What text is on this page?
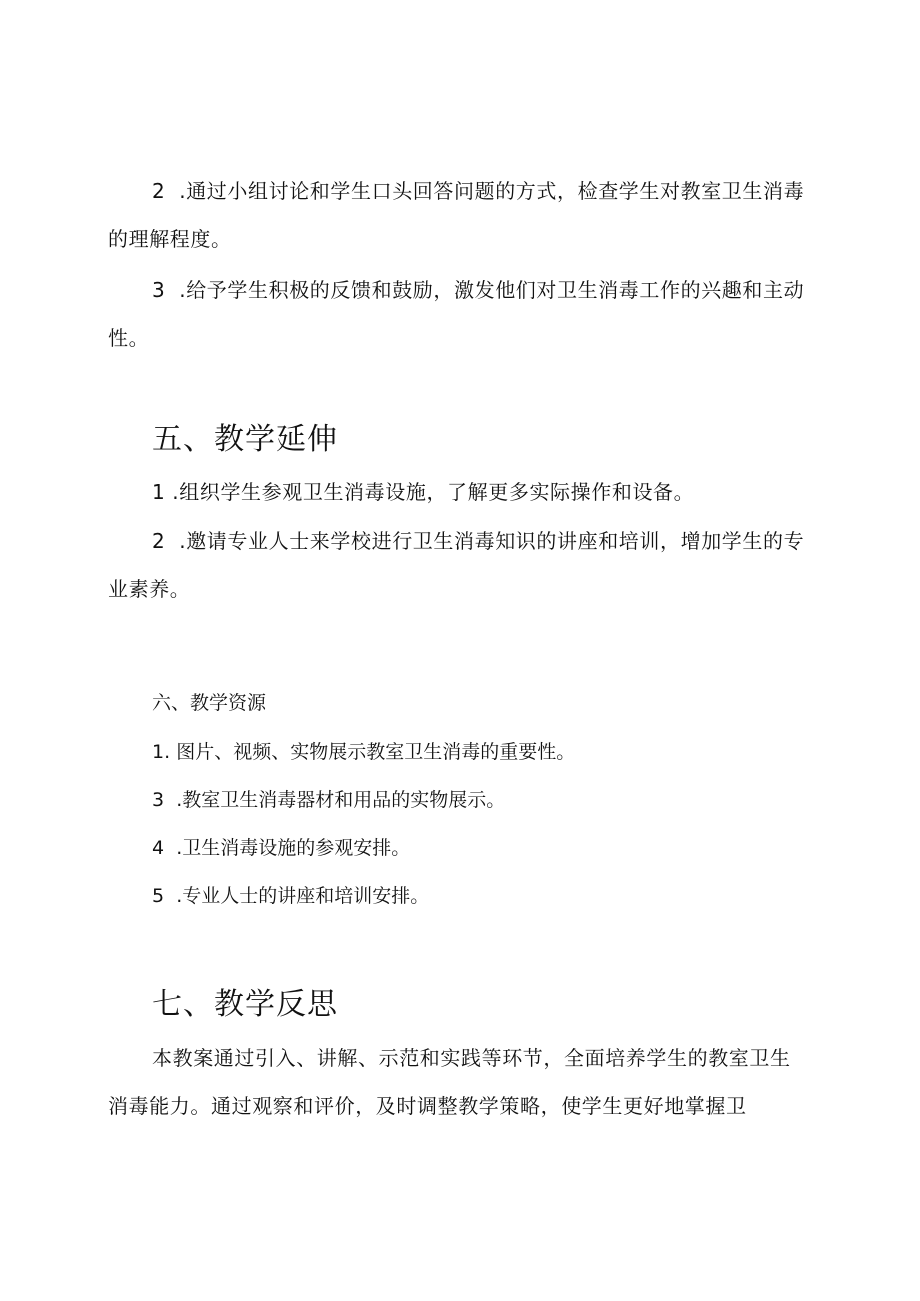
2 .通过小组讨论和学生口头回答问题的方式，检查学生对教室卫生消毒的理解程度。

3 .给予学生积极的反馈和鼓励，激发他们对卫生消毒工作的兴趣和主动性。

五、教学延伸

1 .组织学生参观卫生消毒设施，了解更多实际操作和设备。

2 .邀请专业人士来学校进行卫生消毒知识的讲座和培训，增加学生的专业素养。

六、教学资源

1. 图片、视频、实物展示教室卫生消毒的重要性。

3 .教室卫生消毒器材和用品的实物展示。

4 .卫生消毒设施的参观安排。

5 .专业人士的讲座和培训安排。

七、教学反思

本教案通过引入、讲解、示范和实践等环节，全面培养学生的教室卫生消毒能力。通过观察和评价，及时调整教学策略，使学生更好地掌握卫
